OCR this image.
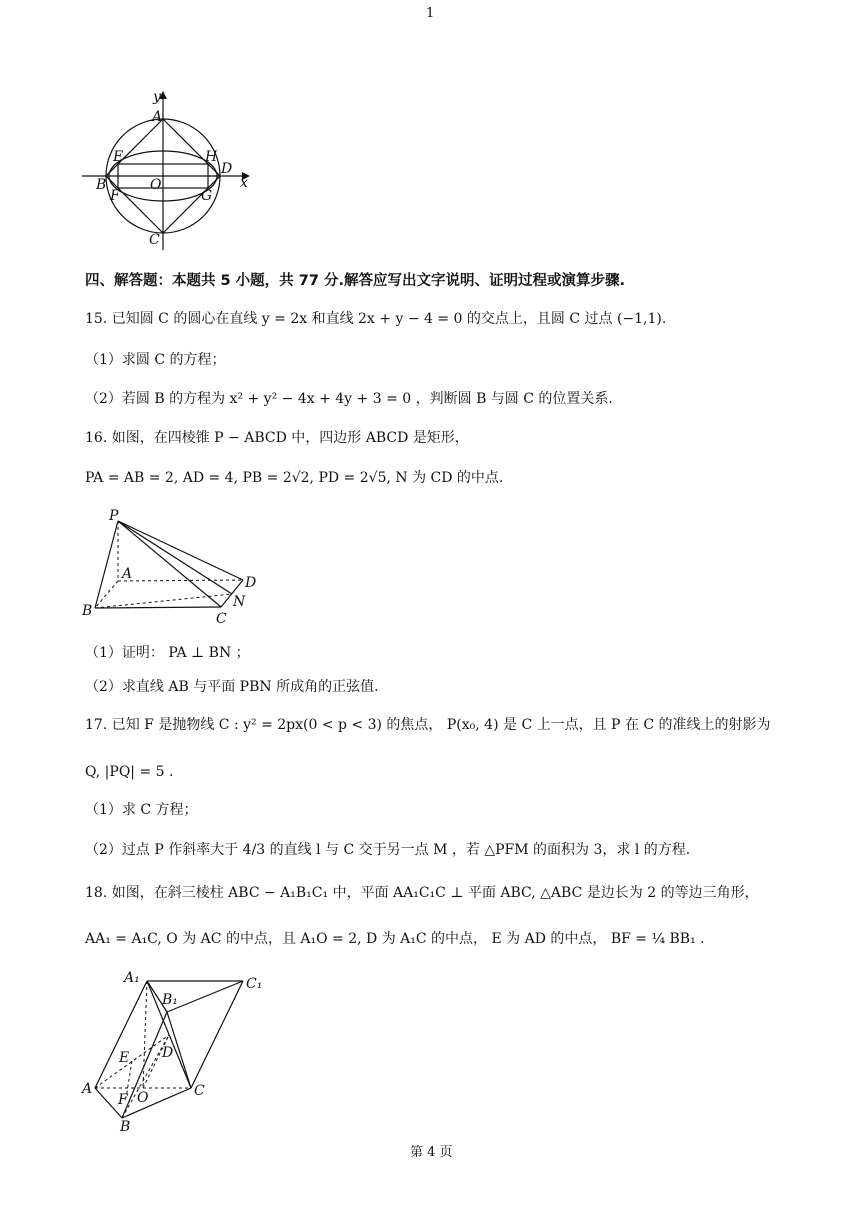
1
y
A
E	H
D
x
B	O
F	G
C
四、解答题：本题共 5 小题，共 77 分.解答应写出文字说明、证明过程或演算步骤.
15. 已知圆 C 的圆心在直线 y = 2x 和直线 2x + y − 4 = 0 的交点上，且圆 C 过点 (−1,1).
（1）求圆 C 的方程；
（2）若圆 B 的方程为 x² + y² − 4x + 4y + 3 = 0 ，判断圆 B 与圆 C 的位置关系.
16. 如图，在四棱锥 P − ABCD 中，四边形 ABCD 是矩形，
PA = AB = 2, AD = 4, PB = 2√2, PD = 2√5, N 为 CD 的中点.
P
A
D
N
B	C
（1）证明： PA ⊥ BN ；
（2）求直线 AB 与平面 PBN 所成角的正弦值.
17. 已知 F 是抛物线 C : y² = 2px(0 < p < 3) 的焦点， P(x₀, 4) 是 C 上一点，且 P 在 C 的准线上的射影为
Q, |PQ| = 5 .
（1）求 C 方程；
（2）过点 P 作斜率大于 4/3 的直线 l 与 C 交于另一点 M ，若 △PFM 的面积为 3，求 l 的方程.
18. 如图，在斜三棱柱 ABC − A₁B₁C₁ 中，平面 AA₁C₁C ⊥ 平面 ABC, △ABC 是边长为 2 的等边三角形，
AA₁ = A₁C, O 为 AC 的中点，且 A₁O = 2, D 为 A₁C 的中点， E 为 AD 的中点， BF = ¼ BB₁ .
A₁	C₁
B₁
D
E
A	C
F O
B
第 4 页
